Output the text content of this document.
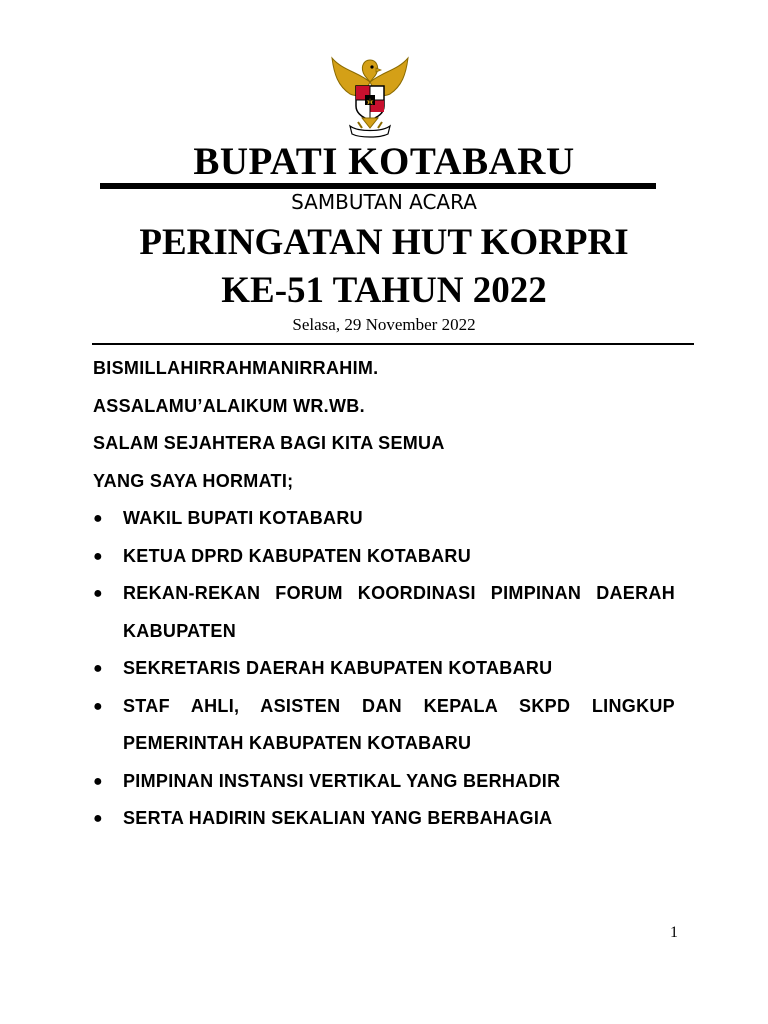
BUPATI KOTABARU
SAMBUTAN ACARA
PERINGATAN HUT KORPRI
KE-51 TAHUN 2022
Selasa, 29 November 2022
BISMILLAHIRRAHMANIRRAHIM.
ASSALAMU’ALAIKUM WR.WB.
SALAM SEJAHTERA BAGI KITA SEMUA
YANG SAYA HORMATI;
● WAKIL BUPATI KOTABARU
● KETUA DPRD KABUPATEN KOTABARU
● REKAN-REKAN FORUM KOORDINASI PIMPINAN DAERAH KABUPATEN
● SEKRETARIS DAERAH KABUPATEN KOTABARU
● STAF AHLI, ASISTEN DAN KEPALA SKPD LINGKUP PEMERINTAH KABUPATEN KOTABARU
● PIMPINAN INSTANSI VERTIKAL YANG BERHADIR
● SERTA HADIRIN SEKALIAN YANG BERBAHAGIA
1
